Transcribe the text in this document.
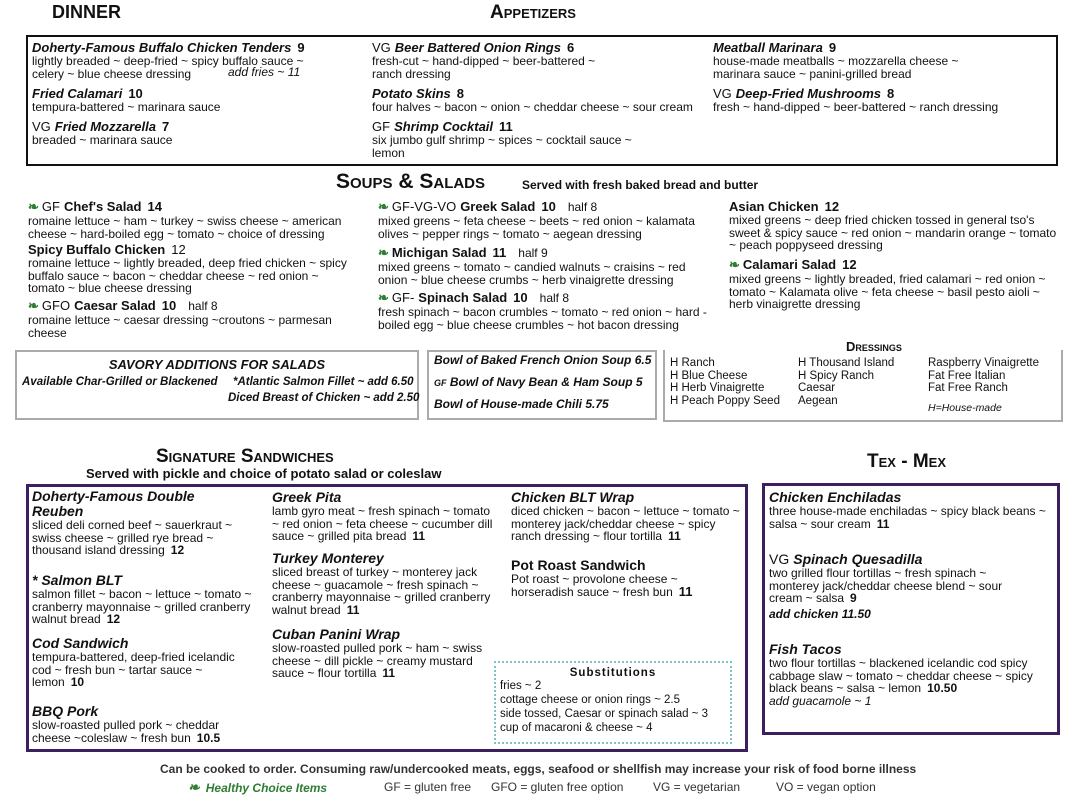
DINNER	Appetizers
Doherty-Famous Buffalo Chicken Tenders 9
lightly breaded ~ deep-fried ~ spicy buffalo sauce ~ celery ~ blue cheese dressing	add fries ~ 11
Fried Calamari 10
tempura-battered ~ marinara sauce
VG Fried Mozzarella 7
breaded ~ marinara sauce
VG Beer Battered Onion Rings 6
fresh-cut ~ hand-dipped ~ beer-battered ~ ranch dressing
Potato Skins 8
four halves ~ bacon ~ onion ~ cheddar cheese ~ sour cream
GF Shrimp Cocktail 11
six jumbo gulf shrimp ~ spices ~ cocktail sauce ~ lemon
Meatball Marinara 9
house-made meatballs ~ mozzarella cheese ~ marinara sauce ~ panini-grilled bread
VG Deep-Fried Mushrooms 8
fresh ~ hand-dipped ~ beer-battered ~ ranch dressing
Soups & Salads	Served with fresh baked bread and butter
❧ GF Chef's Salad 14
romaine lettuce ~ ham ~ turkey ~ swiss cheese ~ american cheese ~ hard-boiled egg ~ tomato ~ choice of dressing
Spicy Buffalo Chicken 12
romaine lettuce ~ lightly breaded, deep fried chicken ~ spicy buffalo sauce ~ bacon ~ cheddar cheese ~ red onion ~ tomato ~ blue cheese dressing
❧ GFO Caesar Salad 10 half 8
romaine lettuce ~ caesar dressing ~croutons ~ parmesan cheese
❧ GF-VG-VO Greek Salad 10 half 8
mixed greens ~ feta cheese ~ beets ~ red onion ~ kalamata olives ~ pepper rings ~ tomato ~ aegean dressing
❧ Michigan Salad 11 half 9
mixed greens ~ tomato ~ candied walnuts ~ craisins ~ red onion ~ blue cheese crumbs ~ herb vinaigrette dressing
❧ GF- Spinach Salad 10 half 8
fresh spinach ~ bacon crumbles ~ tomato ~ red onion ~ hard -boiled egg ~ blue cheese crumbles ~ hot bacon dressing
Asian Chicken 12
mixed greens ~ deep fried chicken tossed in general tso's sweet & spicy sauce ~ red onion ~ mandarin orange ~ tomato ~ peach poppyseed dressing
❧ Calamari Salad 12
mixed greens ~ lightly breaded, fried calamari ~ red onion ~ tomato ~ Kalamata olive ~ feta cheese ~ basil pesto aioli ~ herb vinaigrette dressing
SAVORY ADDITIONS FOR SALADS
Available Char-Grilled or Blackened *Atlantic Salmon Fillet ~ add 6.50
Diced Breast of Chicken ~ add 2.50
Bowl of Baked French Onion Soup 6.5
GF Bowl of Navy Bean & Ham Soup 5
Bowl of House-made Chili 5.75
Dressings
H Ranch
H Blue Cheese
H Herb Vinaigrette
H Peach Poppy Seed
H Thousand Island
H Spicy Ranch
Caesar
Aegean
Raspberry Vinaigrette
Fat Free Italian
Fat Free Ranch
H=House-made
Signature Sandwiches
Served with pickle and choice of potato salad or coleslaw
Doherty-Famous Double Reuben
sliced deli corned beef ~ sauerkraut ~ swiss cheese ~ grilled rye bread ~ thousand island dressing 12
* Salmon BLT
salmon fillet ~ bacon ~ lettuce ~ tomato ~ cranberry mayonnaise ~ grilled cranberry walnut bread 12
Cod Sandwich
tempura-battered, deep-fried icelandic cod ~ fresh bun ~ tartar sauce ~ lemon 10
BBQ Pork
slow-roasted pulled pork ~ cheddar cheese ~coleslaw ~ fresh bun 10.5
Greek Pita
lamb gyro meat ~ fresh spinach ~ tomato ~ red onion ~ feta cheese ~ cucumber dill sauce ~ grilled pita bread 11
Turkey Monterey
sliced breast of turkey ~ monterey jack cheese ~ guacamole ~ fresh spinach ~ cranberry mayonnaise ~ grilled cranberry walnut bread 11
Cuban Panini Wrap
slow-roasted pulled pork ~ ham ~ swiss cheese ~ dill pickle ~ creamy mustard sauce ~ flour tortilla 11
Chicken BLT Wrap
diced chicken ~ bacon ~ lettuce ~ tomato ~ monterey jack/cheddar cheese ~ spicy ranch dressing ~ flour tortilla 11
Pot Roast Sandwich
Pot roast ~ provolone cheese ~ horseradish sauce ~ fresh bun 11
Substitutions
fries ~ 2
cottage cheese or onion rings ~ 2.5
side tossed, Caesar or spinach salad ~ 3
cup of macaroni & cheese ~ 4
Tex - Mex
Chicken Enchiladas
three house-made enchiladas ~ spicy black beans ~ salsa ~ sour cream 11
VG Spinach Quesadilla
two grilled flour tortillas ~ fresh spinach ~ monterey jack/cheddar cheese blend ~ sour cream ~ salsa 9
add chicken 11.50
Fish Tacos
two flour tortillas ~ blackened icelandic cod spicy cabbage slaw ~ tomato ~ cheddar cheese ~ spicy black beans ~ salsa ~ lemon 10.50
add guacamole ~ 1
Can be cooked to order. Consuming raw/undercooked meats, eggs, seafood or shellfish may increase your risk of food borne illness
❧ Healthy Choice Items	GF = gluten free GFO = gluten free option VG = vegetarian	VO = vegan option
